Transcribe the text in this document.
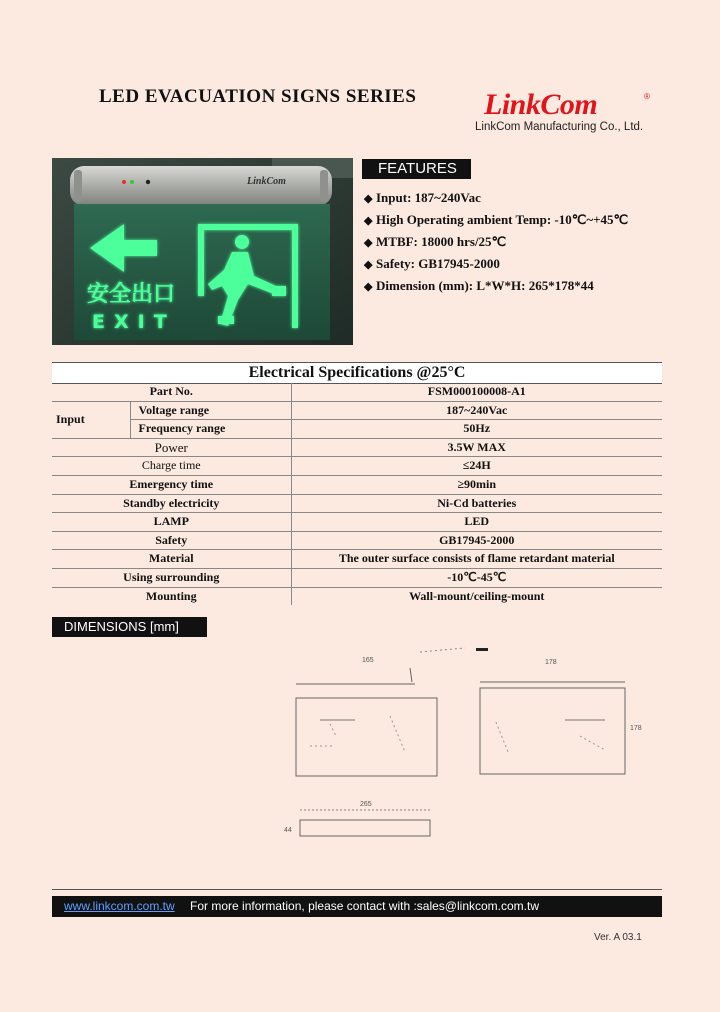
LED EVACUATION SIGNS SERIES LinkCom	®
LinkCom Manufacturing Co., Ltd.
LinkCom
安全出口
EXIT
FEATURES
◆ Input: 187~240Vac
◆ High Operating ambient Temp: -10℃~+45℃
◆ MTBF: 18000 hrs/25℃
◆ Safety: GB17945-2000
◆ Dimension (mm): L*W*H: 265*178*44
Electrical Specifications @25°C
Part No.		FSM000100008-A1
Input	Voltage range	187~240Vac
	Frequency range	50Hz
Power		3.5W MAX
Charge time		≤24H
Emergency time		≥90min
Standby electricity		Ni-Cd batteries
LAMP		LED
Safety		GB17945-2000
Material		The outer surface consists of flame retardant material
Using surrounding		-10℃-45℃
Mounting		Wall-mount/ceiling-mount
DIMENSIONS [mm]
165	178
178
265
44
www.linkcom.com.tw For more information, please contact with :sales@linkcom.com.tw
Ver. A 03.1
